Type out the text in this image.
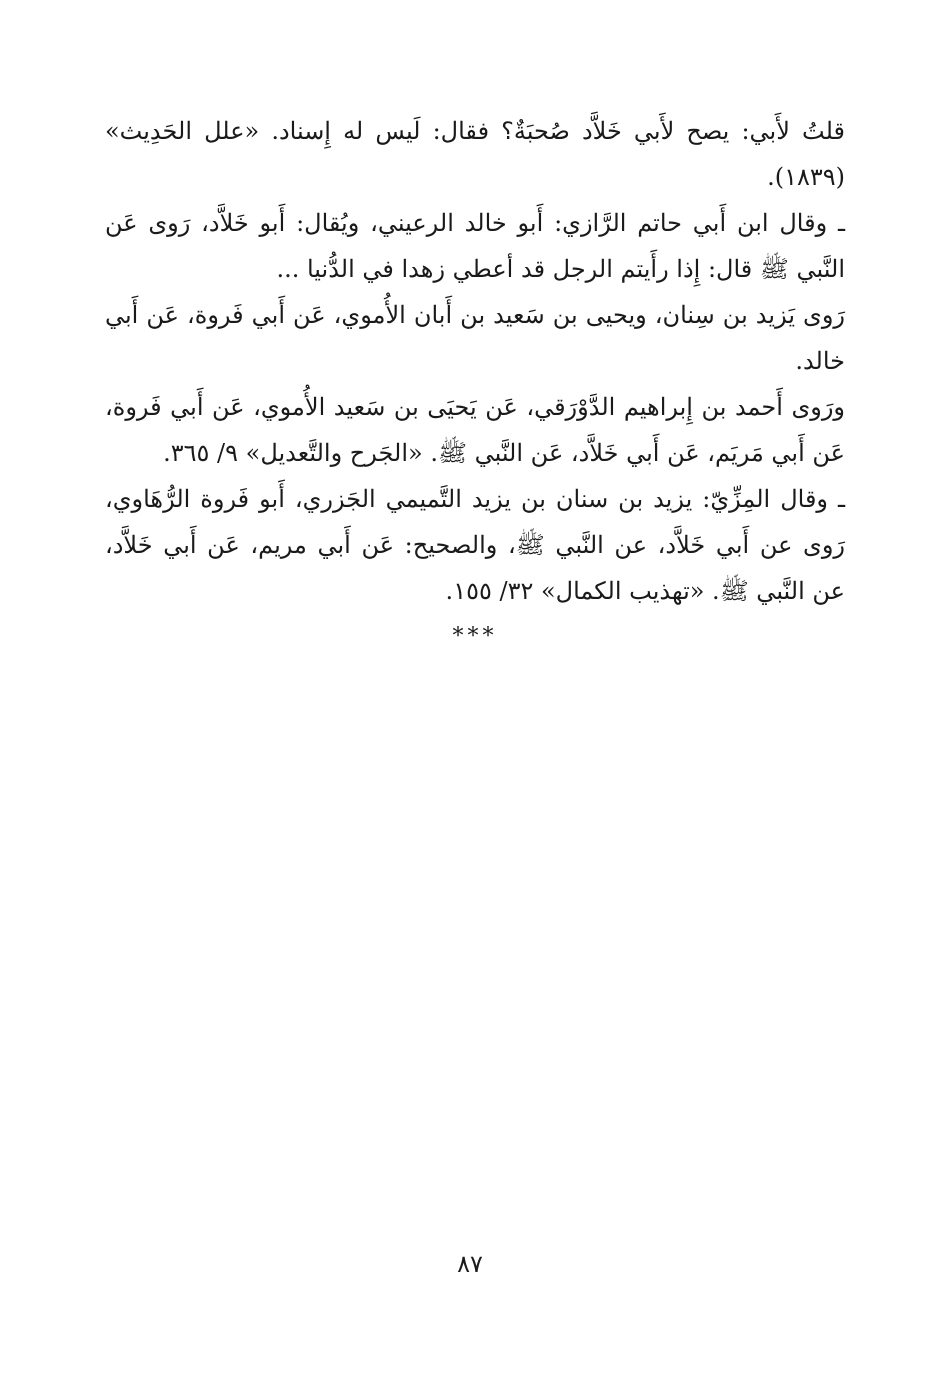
قلتُ لأَبي: يصح لأَبي خَلاَّد صُحبَةٌ؟ فقال: لَيس له إِسناد. «علل الحَدِيث» (١٨٣٩).

ـ وقال ابن أَبي حاتم الرَّازي: أَبو خالد الرعيني، ويُقال: أَبو خَلاَّد، رَوى عَن النَّبي ﷺ قال: إِذا رأَيتم الرجل قد أعطي زهدا في الدُّنيا ...

رَوى يَزيد بن سِنان، ويحيى بن سَعيد بن أَبان الأُموي، عَن أَبي فَروة، عَن أَبي خالد.

ورَوى أَحمد بن إِبراهيم الدَّوْرَقي، عَن يَحيَى بن سَعيد الأُموي، عَن أَبي فَروة، عَن أَبي مَريَم، عَن أَبي خَلاَّد، عَن النَّبي ﷺ. «الجَرح والتَّعديل» ٩/ ٣٦٥.

ـ وقال المِزِّيّ: يزيد بن سنان بن يزيد التَّميمي الجَزري، أَبو فَروة الرُّهَاوي، رَوى عن أَبي خَلاَّد، عن النَّبي ﷺ، والصحيح: عَن أَبي مريم، عَن أَبي خَلاَّد، عن النَّبي ﷺ. «تهذيب الكمال» ٣٢/ ١٥٥.

***
٨٧
